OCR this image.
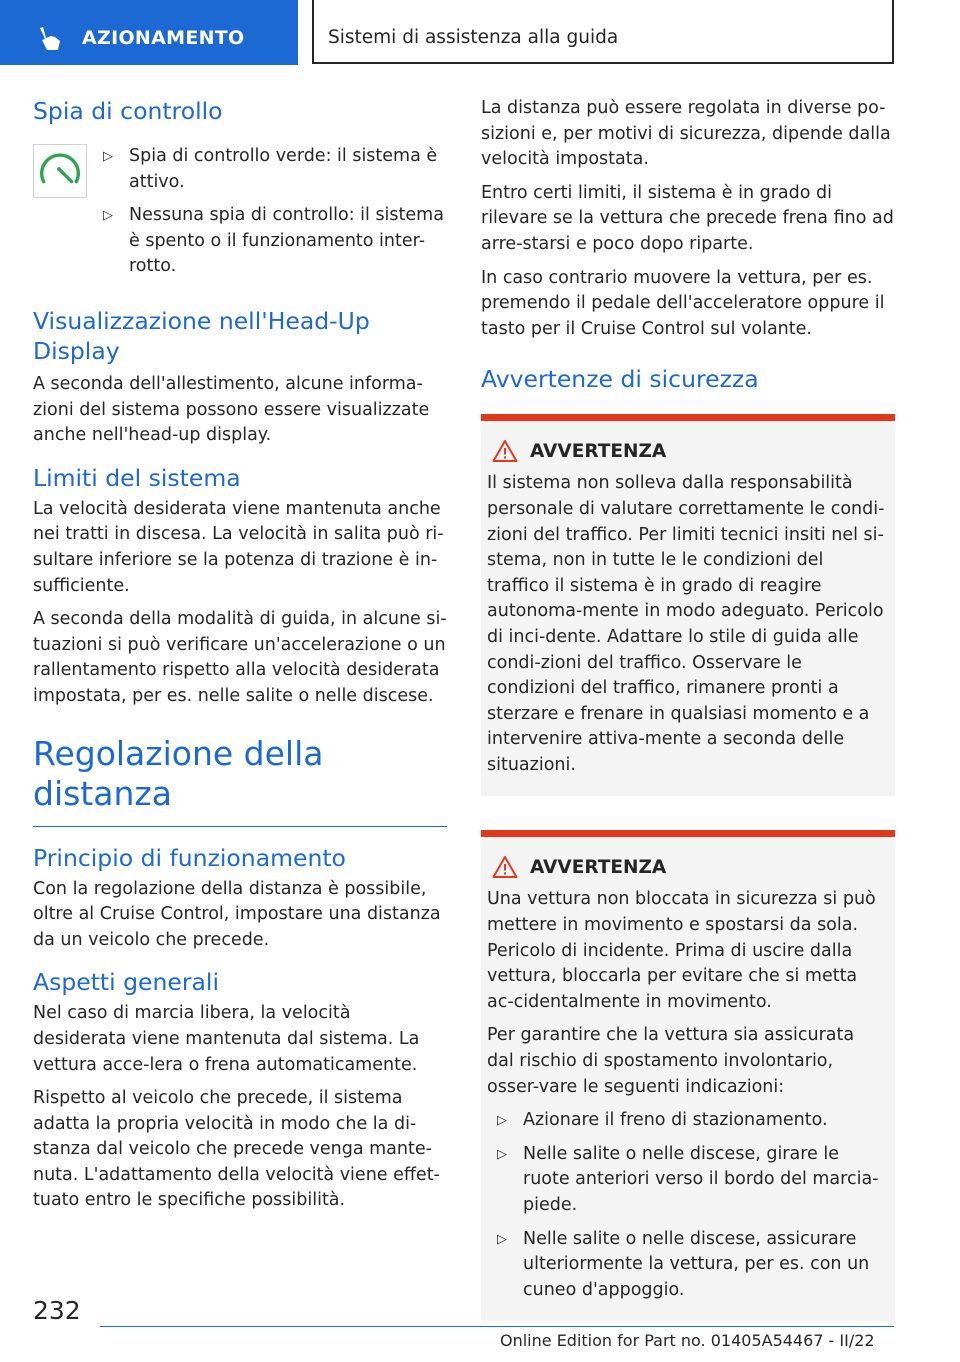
AZIONAMENTO	Sistemi di assistenza alla guida
Spia di controllo
▷ Spia di controllo verde: il sistema è attivo.
▷ Nessuna spia di controllo: il sistema è spento o il funzionamento inter-rotto.
Visualizzazione nell'Head-Up Display

A seconda dell'allestimento, alcune informa-zioni del sistema possono essere visualizzate anche nell'head-up display.

Limiti del sistema

La velocità desiderata viene mantenuta anche nei tratti in discesa. La velocità in salita può ri-sultare inferiore se la potenza di trazione è in-sufficiente.

A seconda della modalità di guida, in alcune si-tuazioni si può verificare un'accelerazione o un rallentamento rispetto alla velocità desiderata impostata, per es. nelle salite o nelle discese.

Regolazione della distanza
Principio di funzionamento

Con la regolazione della distanza è possibile, oltre al Cruise Control, impostare una distanza da un veicolo che precede.

Aspetti generali

Nel caso di marcia libera, la velocità desiderata viene mantenuta dal sistema. La vettura acce-lera o frena automaticamente.

Rispetto al veicolo che precede, il sistema adatta la propria velocità in modo che la di-stanza dal veicolo che precede venga mante-nuta. L'adattamento della velocità viene effet-tuato entro le specifiche possibilità.

La distanza può essere regolata in diverse po-sizioni e, per motivi di sicurezza, dipende dalla velocità impostata.

Entro certi limiti, il sistema è in grado di rilevare se la vettura che precede frena fino ad arre-starsi e poco dopo riparte.

In caso contrario muovere la vettura, per es. premendo il pedale dell'acceleratore oppure il tasto per il Cruise Control sul volante.

Avvertenze di sicurezza
AVVERTENZA

Il sistema non solleva dalla responsabilità personale di valutare correttamente le condi-zioni del traffico. Per limiti tecnici insiti nel si-stema, non in tutte le le condizioni del traffico il sistema è in grado di reagire autonoma-mente in modo adeguato. Pericolo di inci-dente. Adattare lo stile di guida alle condi-zioni del traffico. Osservare le condizioni del traffico, rimanere pronti a sterzare e frenare in qualsiasi momento e a intervenire attiva-mente a seconda delle situazioni.

AVVERTENZA

Una vettura non bloccata in sicurezza si può mettere in movimento e spostarsi da sola. Pericolo di incidente. Prima di uscire dalla vettura, bloccarla per evitare che si metta ac-cidentalmente in movimento.

Per garantire che la vettura sia assicurata dal rischio di spostamento involontario, osser-vare le seguenti indicazioni:

▷ Azionare il freno di stazionamento.
▷ Nelle salite o nelle discese, girare le ruote anteriori verso il bordo del marcia-piede.
▷ Nelle salite o nelle discese, assicurare ulteriormente la vettura, per es. con un cuneo d'appoggio.
232
Online Edition for Part no. 01405A54467 - II/22
